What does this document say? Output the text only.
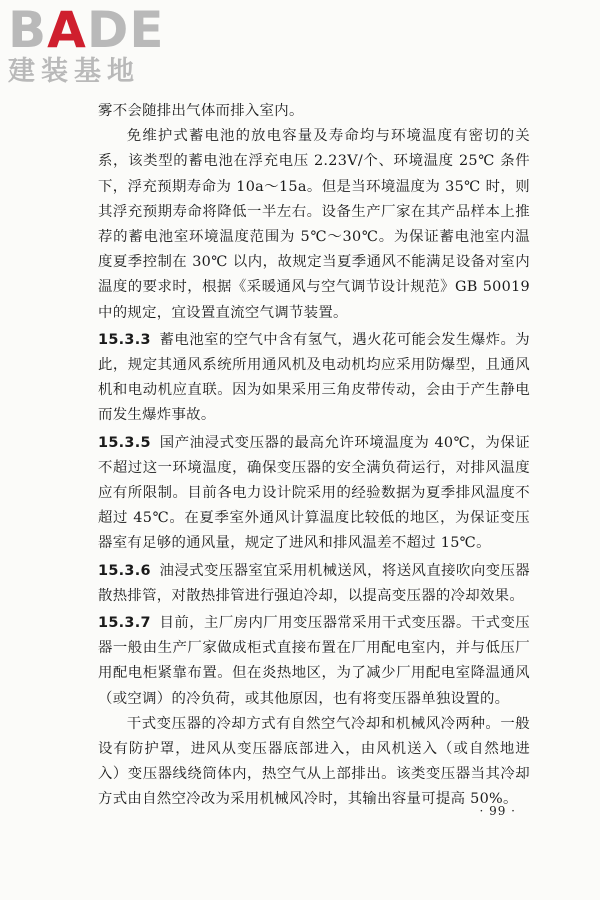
BADE
建装基地

雾不会随排出气体而排入室内。

免维护式蓄电池的放电容量及寿命均与环境温度有密切的关系，该类型的蓄电池在浮充电压 2.23V/个、环境温度 25℃ 条件下，浮充预期寿命为 10a～15a。但是当环境温度为 35℃ 时，则其浮充预期寿命将降低一半左右。设备生产厂家在其产品样本上推荐的蓄电池室环境温度范围为 5℃～30℃。为保证蓄电池室内温度夏季控制在 30℃ 以内，故规定当夏季通风不能满足设备对室内温度的要求时，根据《采暖通风与空气调节设计规范》GB 50019 中的规定，宜设置直流空气调节装置。

15.3.3 蓄电池室的空气中含有氢气，遇火花可能会发生爆炸。为此，规定其通风系统所用通风机及电动机均应采用防爆型，且通风机和电动机应直联。因为如果采用三角皮带传动，会由于产生静电而发生爆炸事故。

15.3.5 国产油浸式变压器的最高允许环境温度为 40℃，为保证不超过这一环境温度，确保变压器的安全满负荷运行，对排风温度应有所限制。目前各电力设计院采用的经验数据为夏季排风温度不超过 45℃。在夏季室外通风计算温度比较低的地区，为保证变压器室有足够的通风量，规定了进风和排风温差不超过 15℃。

15.3.6 油浸式变压器室宜采用机械送风，将送风直接吹向变压器散热排管，对散热排管进行强迫冷却，以提高变压器的冷却效果。

15.3.7 目前，主厂房内厂用变压器常采用干式变压器。干式变压器一般由生产厂家做成柜式直接布置在厂用配电室内，并与低压厂用配电柜紧靠布置。但在炎热地区，为了减少厂用配电室降温通风（或空调）的冷负荷，或其他原因，也有将变压器单独设置的。

干式变压器的冷却方式有自然空气冷却和机械风冷两种。一般设有防护罩，进风从变压器底部进入，由风机送入（或自然地进入）变压器线绕筒体内，热空气从上部排出。该类变压器当其冷却方式由自然空冷改为采用机械风冷时，其输出容量可提高 50%。

· 99 ·
